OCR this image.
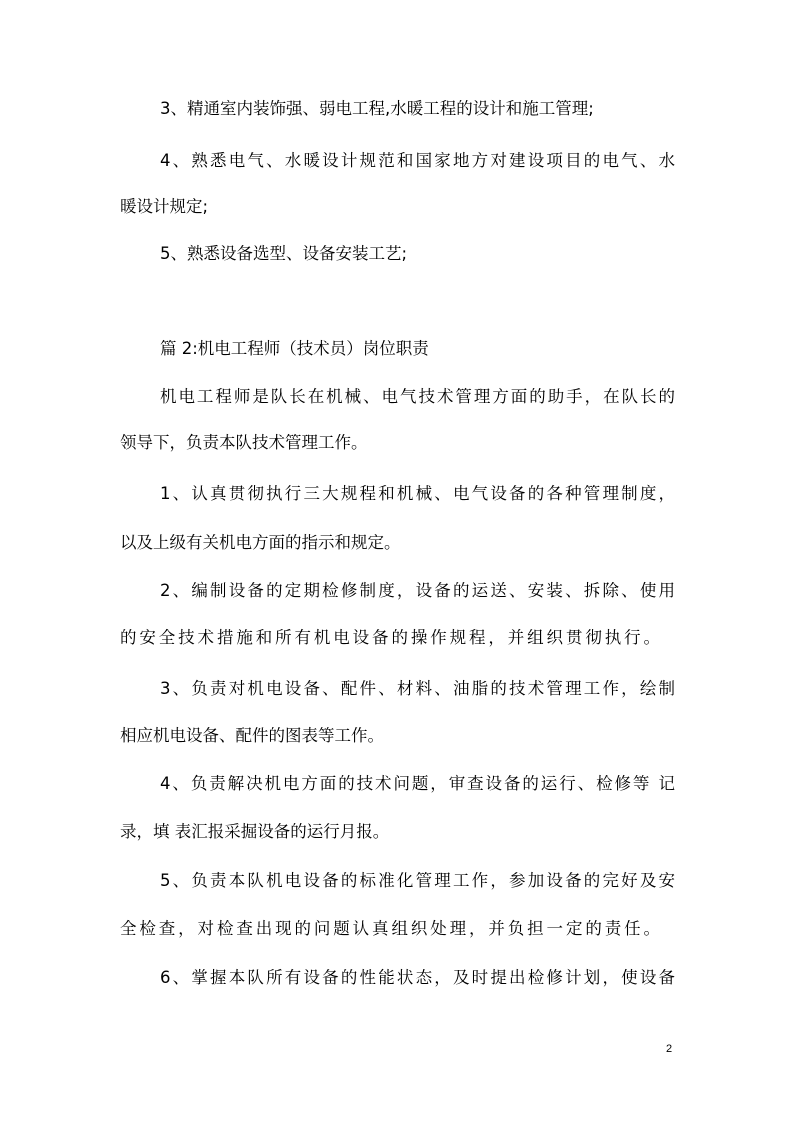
3、精通室内装饰强、弱电工程,水暖工程的设计和施工管理;
4、熟悉电气、水暖设计规范和国家地方对建设项目的电气、水
暖设计规定;
5、熟悉设备选型、设备安装工艺;
篇 2:机电工程师（技术员）岗位职责
机电工程师是队长在机械、电气技术管理方面的助手，在队长的
领导下，负责本队技术管理工作。
1、认真贯彻执行三大规程和机械、电气设备的各种管理制度，
以及上级有关机电方面的指示和规定。
2、编制设备的定期检修制度，设备的运送、安装、拆除、使用
的安全技术措施和所有机电设备的操作规程，并组织贯彻执行。
3、负责对机电设备、配件、材料、油脂的技术管理工作，绘制
相应机电设备、配件的图表等工作。
4、负责解决机电方面的技术问题，审查设备的运行、检修等 记
录，填 表汇报采掘设备的运行月报。
5、负责本队机电设备的标准化管理工作，参加设备的完好及安
全检查，对检查出现的问题认真组织处理，并负担一定的责任。
6、掌握本队所有设备的性能状态，及时提出检修计划，使设备
2
